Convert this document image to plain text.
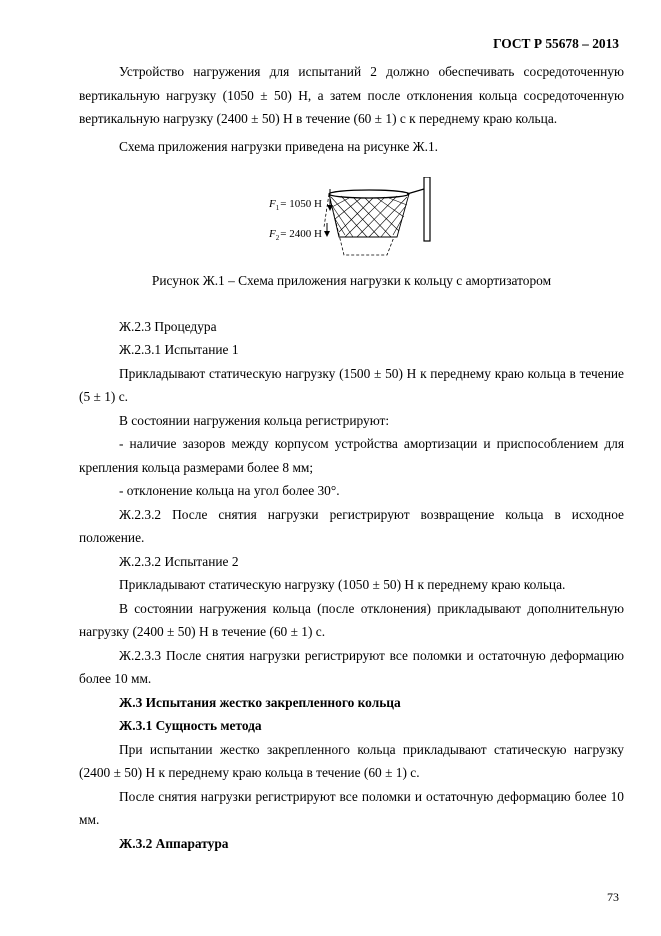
ГОСТ Р 55678 – 2013

Устройство нагружения для испытаний 2 должно обеспечивать сосредоточенную вертикальную нагрузку (1050 ± 50) Н, а затем после отклонения кольца сосредоточенную вертикальную нагрузку (2400 ± 50) Н в течение (60 ± 1) с к переднему краю кольца.

Схема приложения нагрузки приведена на рисунке Ж.1.

$F_1= 1050$ Н
$F_2= 2400$ Н

Рисунок Ж.1 – Схема приложения нагрузки к кольцу с амортизатором

Ж.2.3 Процедура

Ж.2.3.1 Испытание 1

Прикладывают статическую нагрузку (1500 ± 50) Н к переднему краю кольца в течение (5 ± 1) с.

В состоянии нагружения кольца регистрируют:

- наличие зазоров между корпусом устройства амортизации и приспособлением для крепления кольца размерами более 8 мм;

- отклонение кольца на угол более 30°.

Ж.2.3.2 После снятия нагрузки регистрируют возвращение кольца в исходное положение.

Ж.2.3.2 Испытание 2

Прикладывают статическую нагрузку (1050 ± 50) Н к переднему краю кольца.

В состоянии нагружения кольца (после отклонения) прикладывают дополнительную нагрузку (2400 ± 50) Н в течение (60 ± 1) с.

Ж.2.3.3 После снятия нагрузки регистрируют все поломки и остаточную деформацию более 10 мм.

Ж.3 Испытания жестко закрепленного кольца

Ж.3.1 Сущность метода

При испытании жестко закрепленного кольца прикладывают статическую нагрузку (2400 ± 50) Н к переднему краю кольца в течение (60 ± 1) с.

После снятия нагрузки регистрируют все поломки и остаточную деформацию более 10 мм.

Ж.3.2 Аппаратура

73
